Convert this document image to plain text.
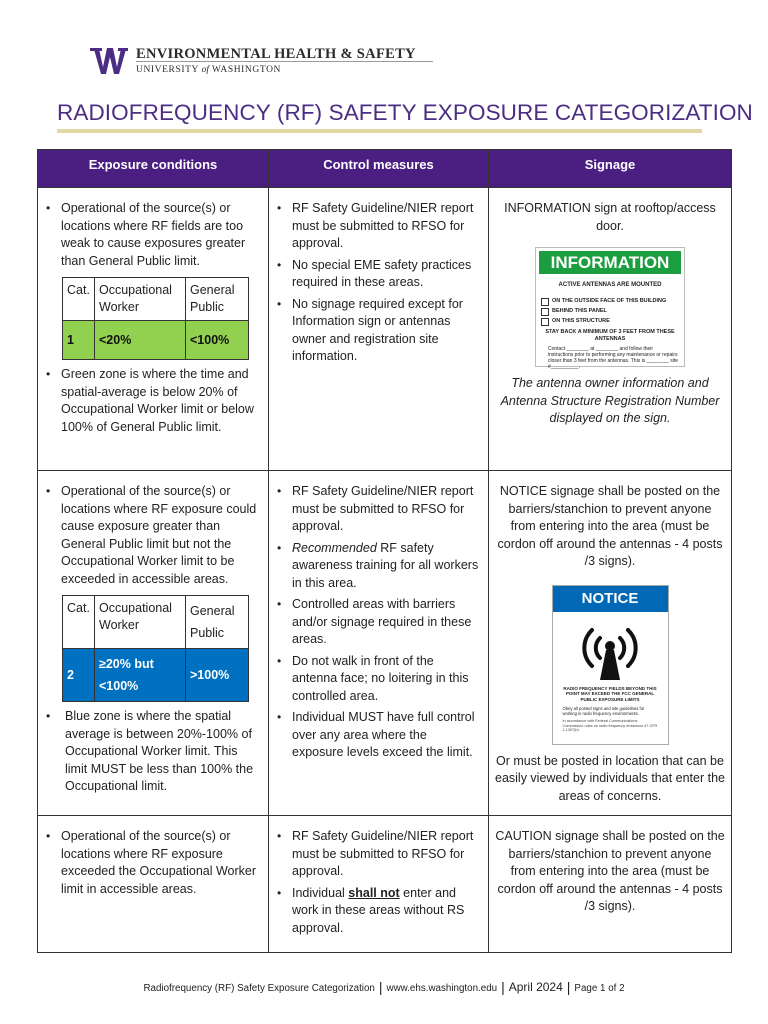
ENVIRONMENTAL HEALTH & SAFETY
UNIVERSITY of WASHINGTON
RADIOFREQUENCY (RF) SAFETY EXPOSURE CATEGORIZATION
Exposure conditions	Control measures	Signage

• Operational of the source(s) or locations where RF fields are too weak to cause exposures greater than General Public limit.
Cat.	Occupational Worker	General Public
1	<20%	<100%
• Green zone is where the time and spatial-average is below 20% of Occupational Worker limit or below 100% of General Public limit.

• RF Safety Guideline/NIER report must be submitted to RFSO for approval.
• No special EME safety practices required in these areas.
• No signage required except for Information sign or antennas owner and registration site information.

INFORMATION sign at rooftop/access door.
INFORMATION
ACTIVE ANTENNAS ARE MOUNTED
ON THE OUTSIDE FACE OF THIS BUILDING
BEHIND THIS PANEL
ON THIS STRUCTURE
STAY BACK A MINIMUM OF 3 FEET FROM THESE ANTENNAS
Contact ________ at ________ and follow their instructions prior to performing any maintenance or repairs closer than 3 feet from the antennas. This is ________ site #__________.
The antenna owner information and Antenna Structure Registration Number displayed on the sign.

• Operational of the source(s) or locations where RF exposure could cause exposure greater than General Public limit but not the Occupational Worker limit to be exceeded in accessible areas.
Cat.	Occupational Worker	General Public
2	≥20% but <100%	>100%
• Blue zone is where the spatial average is between 20%-100% of Occupational Worker limit. This limit MUST be less than 100% the Occupational limit.

• RF Safety Guideline/NIER report must be submitted to RFSO for approval.
• Recommended RF safety awareness training for all workers in this area.
• Controlled areas with barriers and/or signage required in these areas.
• Do not walk in front of the antenna face; no loitering in this controlled area.
• Individual MUST have full control over any area where the exposure levels exceed the limit.

NOTICE signage shall be posted on the barriers/stanchion to prevent anyone from entering into the area (must be cordon off around the antennas - 4 posts /3 signs).
NOTICE
RADIO FREQUENCY FIELDS BEYOND THIS POINT MAY EXCEED THE FCC GENERAL PUBLIC EXPOSURE LIMITS
Obey all posted signs and site guidelines for working in radio frequency environments.
In accordance with Federal Communications Commission rules on radio frequency emissions 47 CFR 1.1307(b)
Or must be posted in location that can be easily viewed by individuals that enter the areas of concerns.

• Operational of the source(s) or locations where RF exposure exceeded the Occupational Worker limit in accessible areas.

• RF Safety Guideline/NIER report must be submitted to RFSO for approval.
• Individual shall not enter and work in these areas without RS approval.

CAUTION signage shall be posted on the barriers/stanchion to prevent anyone from entering into the area (must be cordon off around the antennas - 4 posts /3 signs).
Radiofrequency (RF) Safety Exposure Categorization | www.ehs.washington.edu | April 2024 | Page 1 of 2
